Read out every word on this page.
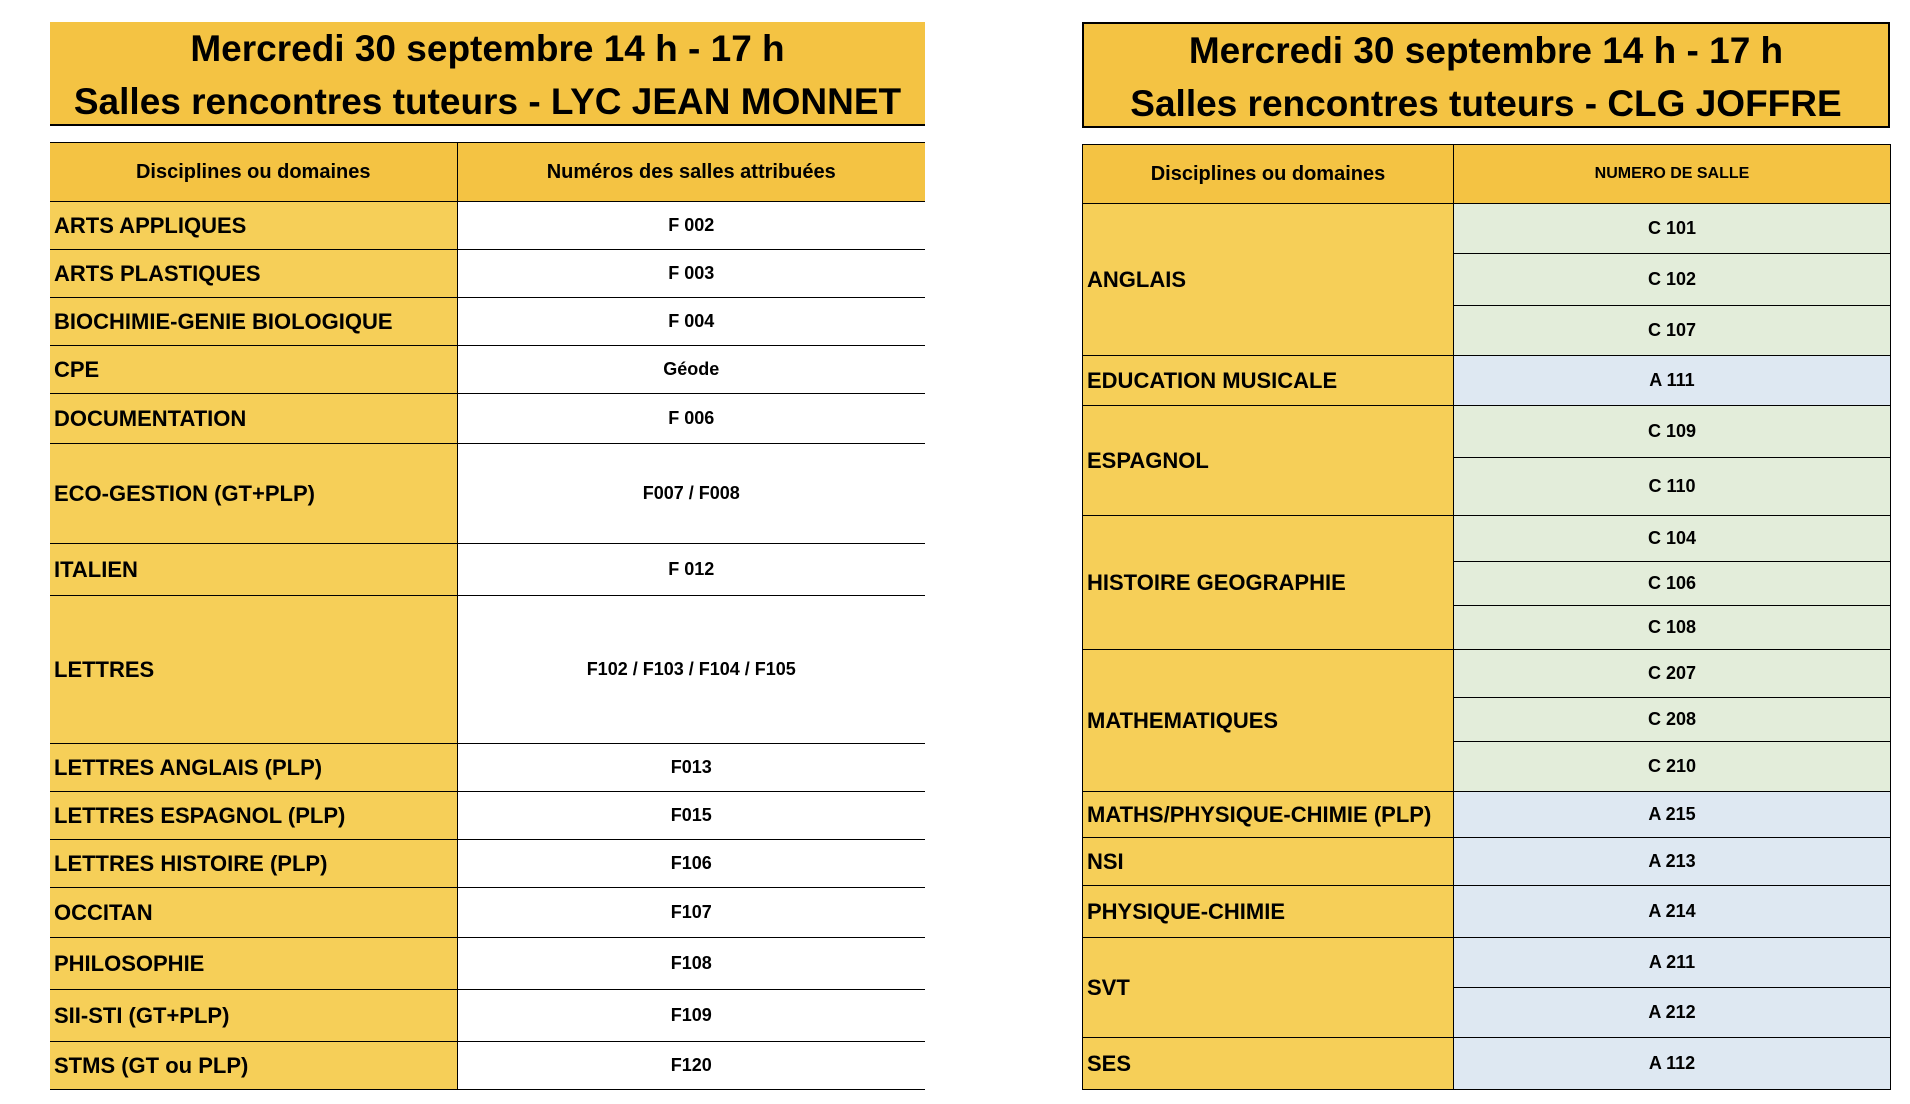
Mercredi 30 septembre 14 h - 17 h
Salles rencontres tuteurs - LYC JEAN MONNET
Disciplines ou domaines	Numéros des salles attribuées
ARTS APPLIQUES	F 002
ARTS PLASTIQUES	F 003
BIOCHIMIE-GENIE BIOLOGIQUE	F 004
CPE	Géode
DOCUMENTATION	F 006
ECO-GESTION (GT+PLP)	F007 / F008
ITALIEN	F 012
LETTRES	F102 / F103 / F104 / F105
LETTRES ANGLAIS (PLP)	F013
LETTRES ESPAGNOL (PLP)	F015
LETTRES HISTOIRE (PLP)	F106
OCCITAN	F107
PHILOSOPHIE	F108
SII-STI (GT+PLP)	F109
STMS (GT ou PLP)	F120
Mercredi 30 septembre 14 h - 17 h
Salles rencontres tuteurs - CLG JOFFRE
Disciplines ou domaines	NUMERO DE SALLE
ANGLAIS	C 101
	C 102
	C 107
EDUCATION MUSICALE	A 111
ESPAGNOL	C 109
	C 110
HISTOIRE GEOGRAPHIE	C 104
	C 106
	C 108
MATHEMATIQUES	C 207
	C 208
	C 210
MATHS/PHYSIQUE-CHIMIE (PLP)	A 215
NSI	A 213
PHYSIQUE-CHIMIE	A 214
SVT	A 211
	A 212
SES	A 112
